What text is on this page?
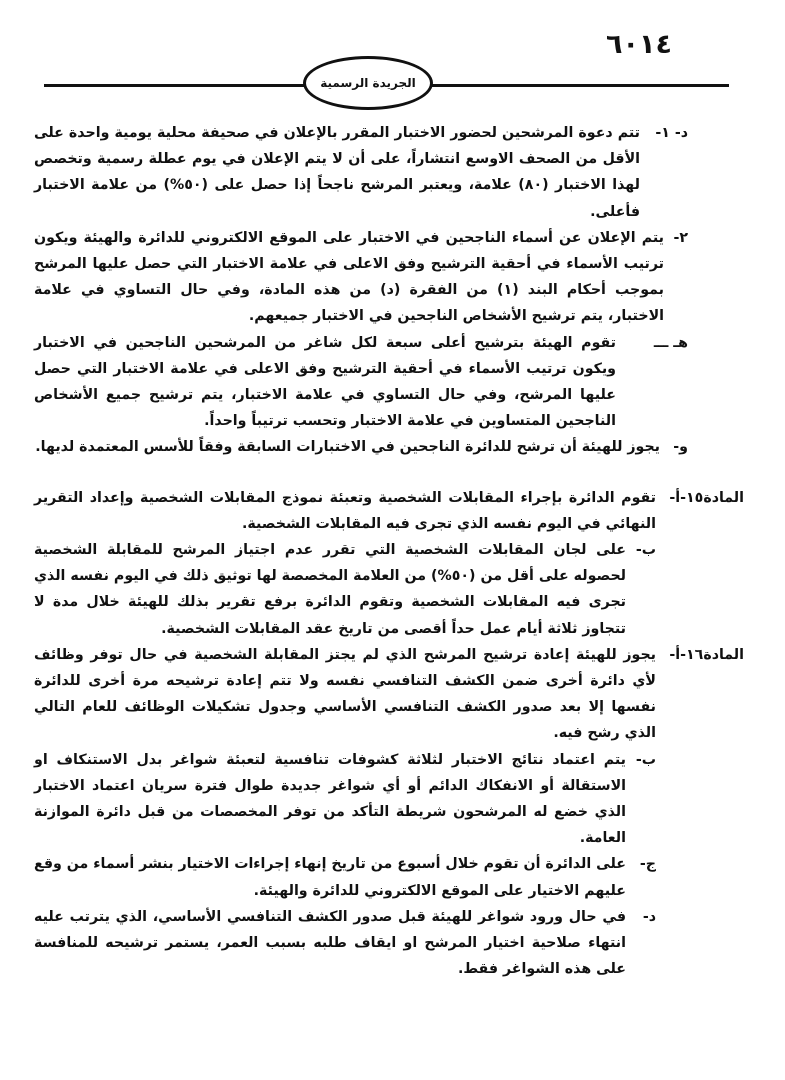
٦٠١٤
الجريدة الرسمية
د- ١-
تتم دعوة المرشحين لحضور الاختبار المقرر بالإعلان في صحيفة محلية يومية واحدة على الأقل من الصحف الاوسع انتشاراً، على أن لا يتم الإعلان في يوم عطلة رسمية وتخصص لهذا الاختبار (٨٠) علامة، ويعتبر المرشح ناجحاً إذا حصل على (٥٠%) من علامة الاختبار فأعلى.
٢-
يتم الإعلان عن أسماء الناجحين في الاختبار على الموقع الالكتروني للدائرة والهيئة ويكون ترتيب الأسماء في أحقية الترشيح وفق الاعلى في علامة الاختبار التي حصل عليها المرشح بموجب أحكام البند (١) من الفقرة (د) من هذه المادة، وفي حال التساوي في علامة الاختبار، يتم ترشيح الأشخاص الناجحين في الاختبار جميعهم.
هـ ـــ
تقوم الهيئة بترشيح أعلى سبعة لكل شاغر من المرشحين الناجحين في الاختبار ويكون ترتيب الأسماء في أحقية الترشيح وفق الاعلى في علامة الاختبار التي حصل عليها المرشح، وفي حال التساوي في علامة الاختبار، يتم ترشيح جميع الأشخاص الناجحين المتساوين في علامة الاختبار وتحسب ترتيباً واحداً.
و-
يجوز للهيئة أن ترشح للدائرة الناجحين في الاختبارات السابقة وفقاً للأسس المعتمدة لديها.
المادة١٥-أ-
تقوم الدائرة بإجراء المقابلات الشخصية وتعبئة نموذج المقابلات الشخصية وإعداد التقرير النهائي في اليوم نفسه الذي تجرى فيه المقابلات الشخصية.
ب-
على لجان المقابلات الشخصية التي تقرر عدم اجتياز المرشح للمقابلة الشخصية لحصوله على أقل من (٥٠%) من العلامة المخصصة لها توثيق ذلك في اليوم نفسه الذي تجرى فيه المقابلات الشخصية وتقوم الدائرة برفع تقرير بذلك للهيئة خلال مدة لا تتجاوز ثلاثة أيام عمل حداً أقصى من تاريخ عقد المقابلات الشخصية.
المادة١٦-أ-
يجوز للهيئة إعادة ترشيح المرشح الذي لم يجتز المقابلة الشخصية في حال توفر وظائف لأي دائرة أخرى ضمن الكشف التنافسي نفسه ولا تتم إعادة ترشيحه مرة أخرى للدائرة نفسها إلا بعد صدور الكشف التنافسي الأساسي وجدول تشكيلات الوظائف للعام التالي الذي رشح فيه.
ب-
يتم اعتماد نتائج الاختبار لثلاثة كشوفات تنافسية لتعبئة شواغر بدل الاستنكاف او الاستقالة أو الانفكاك الدائم أو أي شواغر جديدة طوال فترة سريان اعتماد الاختبار الذي خضع له المرشحون شريطة التأكد من توفر المخصصات من قبل دائرة الموازنة العامة.
ج-
على الدائرة أن تقوم خلال أسبوع من تاريخ إنهاء إجراءات الاختيار بنشر أسماء من وقع عليهم الاختيار على الموقع الالكتروني للدائرة والهيئة.
د-
في حال ورود شواغر للهيئة قبل صدور الكشف التنافسي الأساسي، الذي يترتب عليه انتهاء صلاحية اختيار المرشح او ايقاف طلبه بسبب العمر، يستمر ترشيحه للمنافسة على هذه الشواغر فقط.
